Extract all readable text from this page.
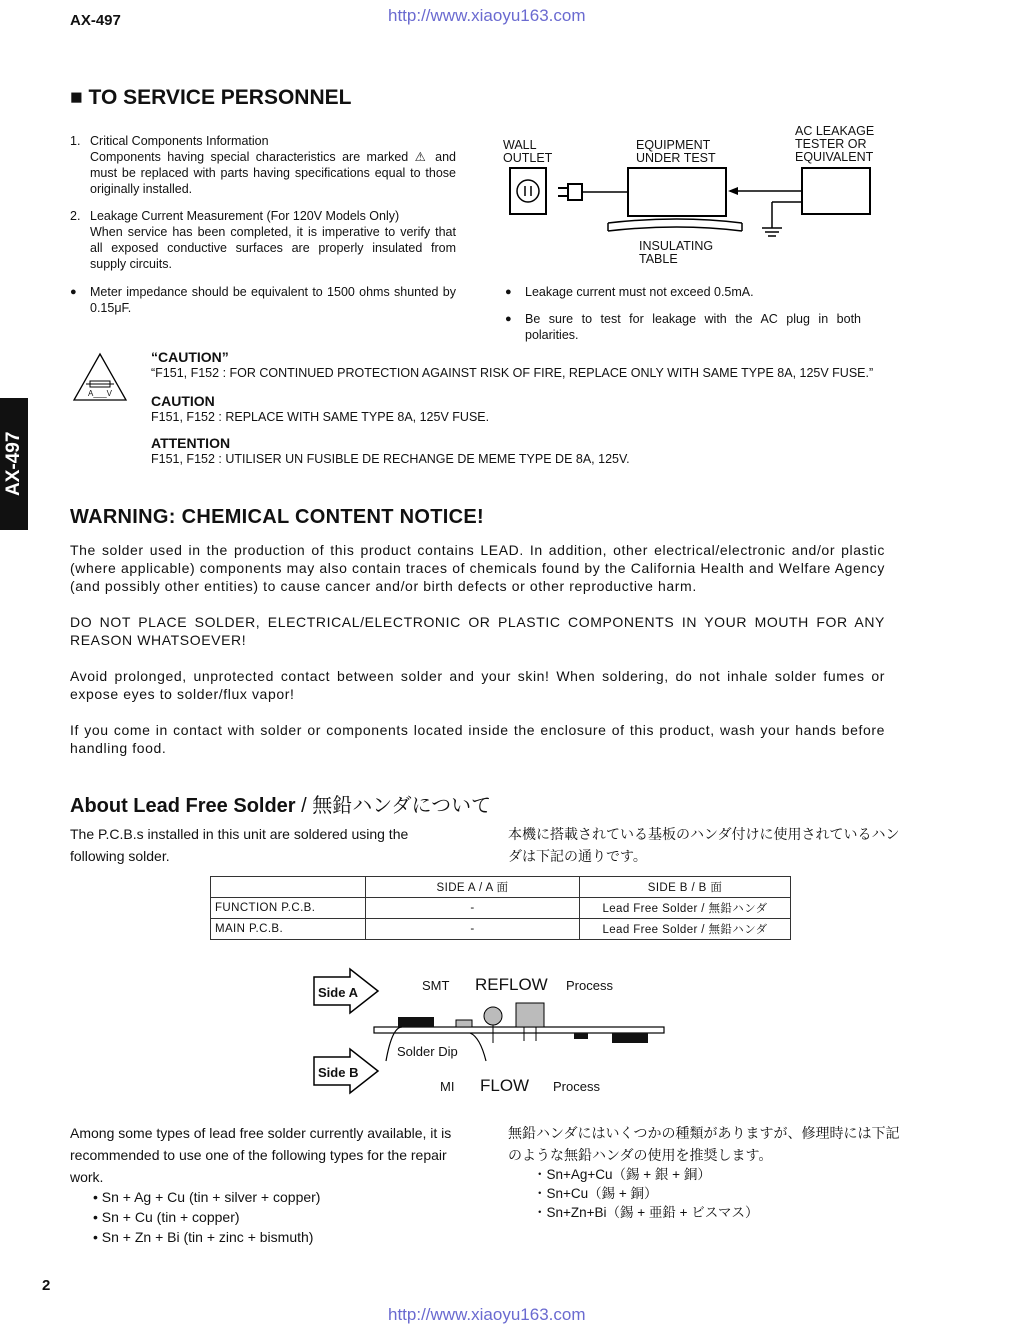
AX-497	http://www.xiaoyu163.com
AX-497
■ TO SERVICE PERSONNEL
1. Critical Components Information
Components having special characteristics are marked ⚠ and must be replaced with parts having specifications equal to those originally installed.
2. Leakage Current Measurement (For 120V Models Only)
When service has been completed, it is imperative to verify that all exposed conductive surfaces are properly insulated from supply circuits.
● Meter impedance should be equivalent to 1500 ohms shunted by 0.15μF.
WALL
OUTLET
EQUIPMENT
UNDER TEST
AC LEAKAGE
TESTER OR
EQUIVALENT
INSULATING
TABLE
● Leakage current must not exceed 0.5mA.
● Be sure to test for leakage with the AC plug in both polarities.
A___V
“CAUTION”
“F151, F152 : FOR CONTINUED PROTECTION AGAINST RISK OF FIRE, REPLACE ONLY WITH SAME TYPE 8A, 125V FUSE.”
CAUTION
F151, F152 : REPLACE WITH SAME TYPE 8A, 125V FUSE.
ATTENTION
F151, F152 : UTILISER UN FUSIBLE DE RECHANGE DE MEME TYPE DE 8A, 125V.
WARNING: CHEMICAL CONTENT NOTICE!
The solder used in the production of this product contains LEAD. In addition, other electrical/electronic and/or plastic (where applicable) components may also contain traces of chemicals found by the California Health and Welfare Agency (and possibly other entities) to cause cancer and/or birth defects or other reproductive harm.
DO NOT PLACE SOLDER, ELECTRICAL/ELECTRONIC OR PLASTIC COMPONENTS IN YOUR MOUTH FOR ANY REASON WHATSOEVER!
Avoid prolonged, unprotected contact between solder and your skin! When soldering, do not inhale solder fumes or expose eyes to solder/flux vapor!
If you come in contact with solder or components located inside the enclosure of this product, wash your hands before handling food.
About Lead Free Solder / 無鉛ハンダについて
The P.C.B.s installed in this unit are soldered using the following solder.
本機に搭載されている基板のハンダ付けに使用されているハンダは下記の通りです。
	SIDE A / A 面	SIDE B / B 面
FUNCTION P.C.B.	-	Lead Free Solder / 無鉛ハンダ
MAIN P.C.B.	-	Lead Free Solder / 無鉛ハンダ
Side A
Side B
SMT REFLOW Process
Solder Dip
MI FLOW Process
Among some types of lead free solder currently available, it is recommended to use one of the following types for the repair work.
• Sn + Ag + Cu (tin + silver + copper)
• Sn + Cu (tin + copper)
• Sn + Zn + Bi (tin + zinc + bismuth)
無鉛ハンダにはいくつかの種類がありますが、修理時には下記のような無鉛ハンダの使用を推奨します。
・Sn+Ag+Cu（錫 + 銀 + 銅）
・Sn+Cu（錫 + 銅）
・Sn+Zn+Bi（錫 + 亜鉛 + ビスマス）
2
http://www.xiaoyu163.com
